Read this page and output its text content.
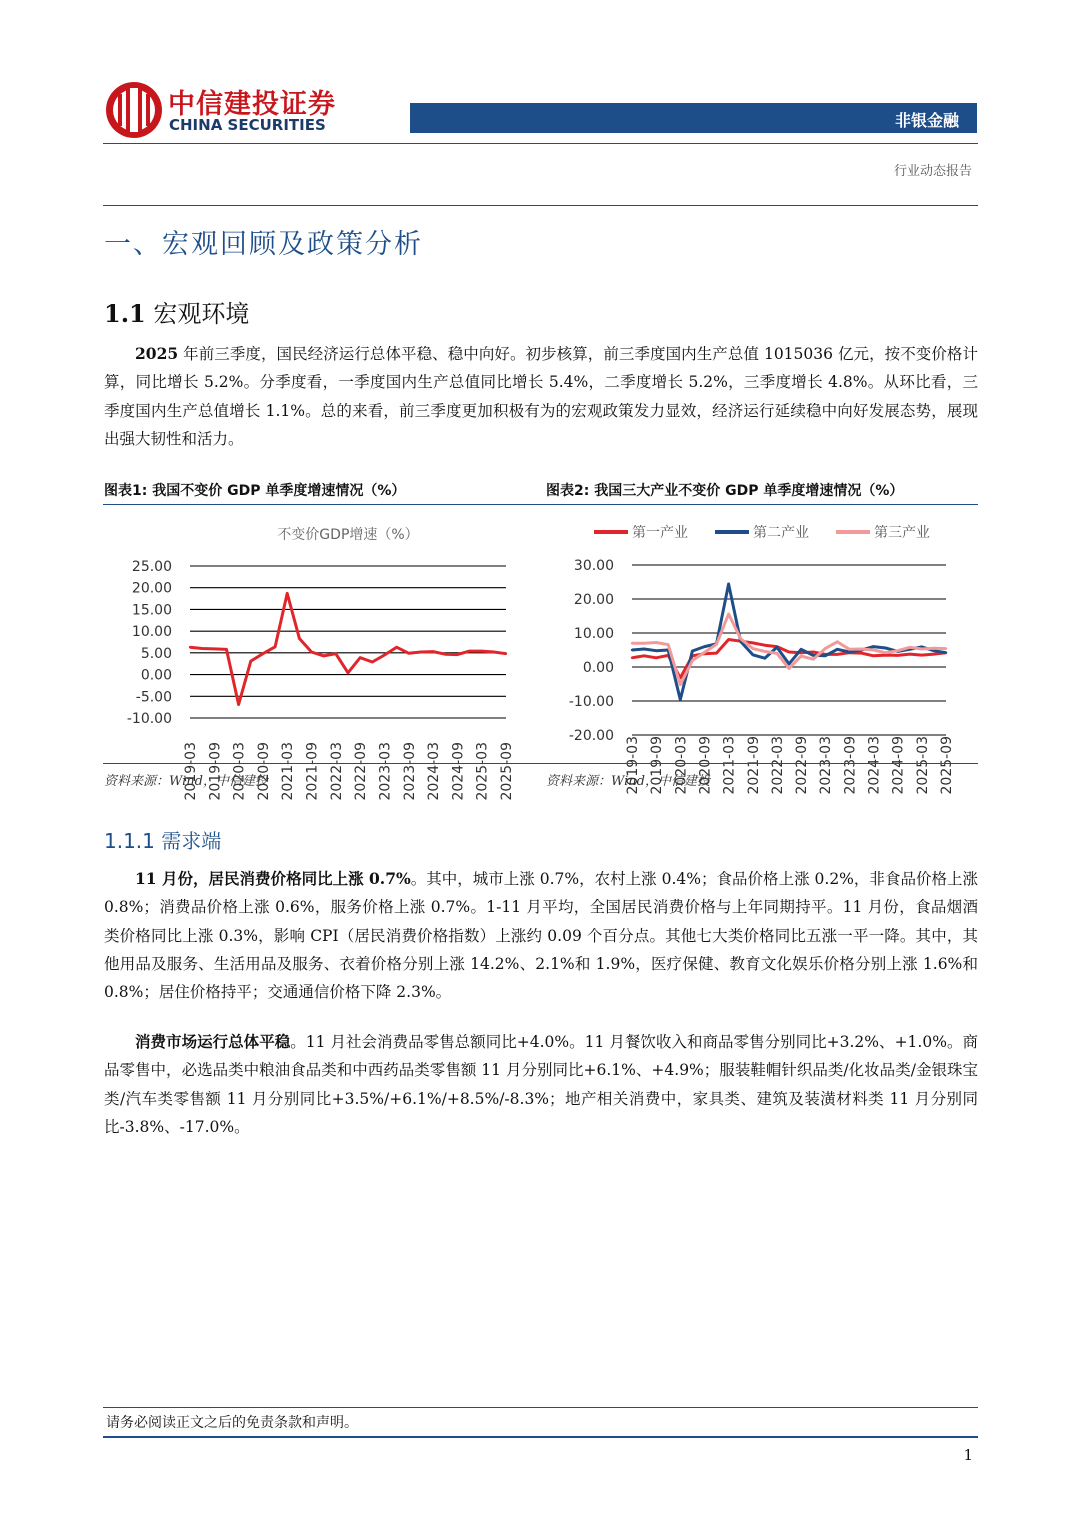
中信建投证券
CHINA SECURITIES	非银金融
行业动态报告
一、宏观回顾及政策分析
1.1 宏观环境
2025 年前三季度，国民经济运行总体平稳、稳中向好。初步核算，前三季度国内生产总值 1015036 亿元，按不变价格计算，同比增长 5.2%。分季度看，一季度国内生产总值同比增长 5.4%，二季度增长 5.2%，三季度增长 4.8%。从环比看，三季度国内生产总值增长 1.1%。总的来看，前三季度更加积极有为的宏观政策发力显效，经济运行延续稳中向好发展态势，展现出强大韧性和活力。
图表1: 我国不变价 GDP 单季度增速情况（%）	图表2: 我国三大产业不变价 GDP 单季度增速情况（%）
不变价GDP增速（%）
25.00
20.00
15.00
10.00
5.00
0.00
-5.00
-10.00
2019-03 2019-09 2020-03 2020-09 2021-03 2021-09 2022-03 2022-09 2023-03 2023-09 2024-03 2024-09 2025-03 2025-09
第一产业	第二产业	第三产业
30.00
20.00
10.00
0.00
-10.00
-20.00 2019-03 2019-09 2020-03 2020-09 2021-03 2021-09 2022-03 2022-09 2023-03 2023-09 2024-03 2024-09 2025-03 2025-09
资料来源：Wind，中信建投	资料来源：Wind，中信建投
1.1.1 需求端
11 月份，居民消费价格同比上涨 0.7%。其中，城市上涨 0.7%，农村上涨 0.4%；食品价格上涨 0.2%，非食品价格上涨 0.8%；消费品价格上涨 0.6%，服务价格上涨 0.7%。1-11 月平均，全国居民消费价格与上年同期持平。11 月份，食品烟酒类价格同比上涨 0.3%，影响 CPI（居民消费价格指数）上涨约 0.09 个百分点。其他七大类价格同比五涨一平一降。其中，其他用品及服务、生活用品及服务、衣着价格分别上涨 14.2%、2.1%和 1.9%，医疗保健、教育文化娱乐价格分别上涨 1.6%和 0.8%；居住价格持平；交通通信价格下降 2.3%。
消费市场运行总体平稳。11 月社会消费品零售总额同比+4.0%。11 月餐饮收入和商品零售分别同比+3.2%、+1.0%。商品零售中，必选品类中粮油食品类和中西药品类零售额 11 月分别同比+6.1%、+4.9%；服装鞋帽针织品类/化妆品类/金银珠宝类/汽车类零售额 11 月分别同比+3.5%/+6.1%/+8.5%/-8.3%；地产相关消费中，家具类、建筑及装潢材料类 11 月分别同比-3.8%、-17.0%。
请务必阅读正文之后的免责条款和声明。
1
